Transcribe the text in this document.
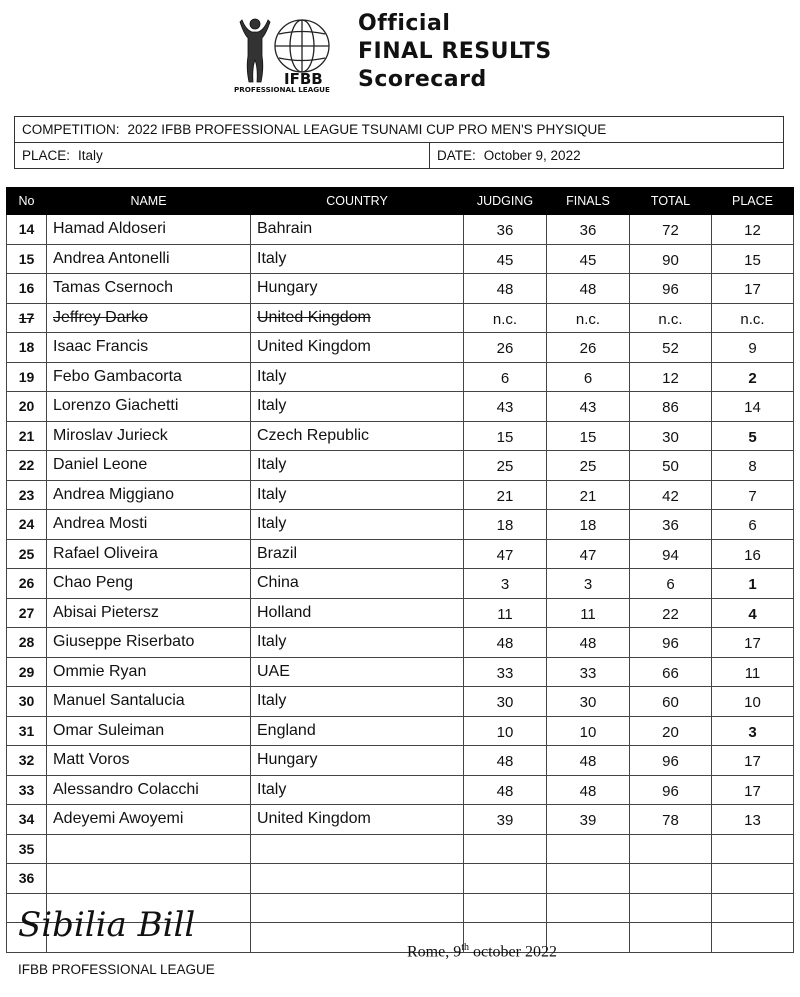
IFBB
PROFESSIONAL LEAGUE
Official
FINAL RESULTS
Scorecard
COMPETITION: 2022 IFBB PROFESSIONAL LEAGUE TSUNAMI CUP PRO MEN'S PHYSIQUE
PLACE: Italy	DATE: October 9, 2022
No	NAME	COUNTRY	JUDGING	FINALS	TOTAL	PLACE
14	Hamad Aldoseri	Bahrain	36	36	72	12
15	Andrea Antonelli	Italy	45	45	90	15
16	Tamas Csernoch	Hungary	48	48	96	17
17	Jeffrey Darko	United Kingdom	n.c.	n.c.	n.c.	n.c.
18	Isaac Francis	United Kingdom	26	26	52	9
19	Febo Gambacorta	Italy	6	6	12	2
20	Lorenzo Giachetti	Italy	43	43	86	14
21	Miroslav Jurieck	Czech Republic	15	15	30	5
22	Daniel Leone	Italy	25	25	50	8
23	Andrea Miggiano	Italy	21	21	42	7
24	Andrea Mosti	Italy	18	18	36	6
25	Rafael Oliveira	Brazil	47	47	94	16
26	Chao Peng	China	3	3	6	1
27	Abisai Pietersz	Holland	11	11	22	4
28	Giuseppe Riserbato	Italy	48	48	96	17
29	Ommie Ryan	UAE	33	33	66	11
30	Manuel Santalucia	Italy	30	30	60	10
31	Omar Suleiman	England	10	10	20	3
32	Matt Voros	Hungary	48	48	96	17
33	Alessandro Colacchi	Italy	48	48	96	17
34	Adeyemi Awoyemi	United Kingdom	39	39	78	13
35						
36						

Sibilia Bill
IFBB PROFESSIONAL LEAGUE
Rome, 9th october 2022
